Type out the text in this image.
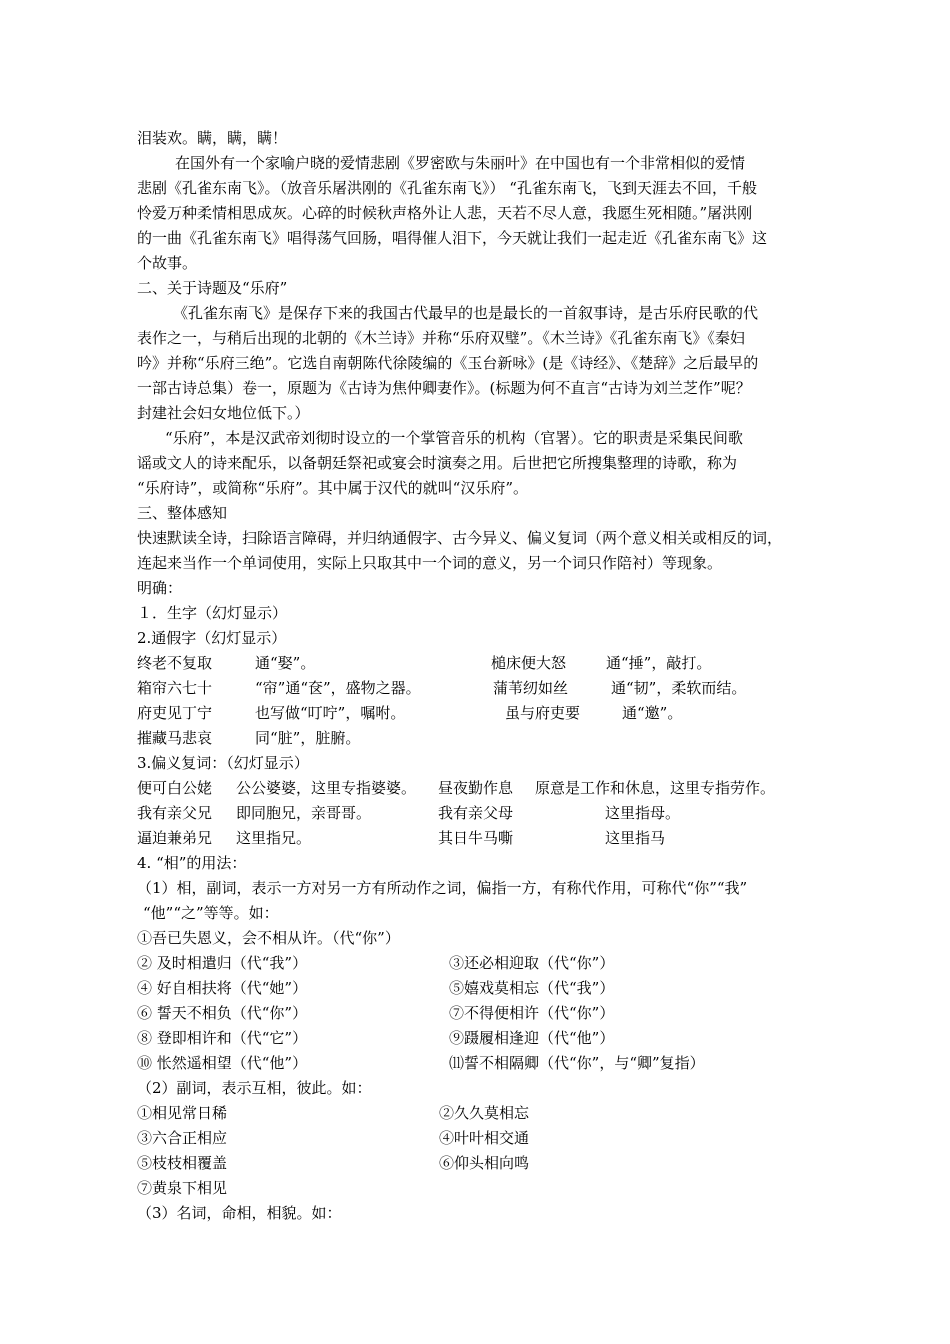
泪装欢。瞒，瞒，瞒！
在国外有一个家喻户晓的爱情悲剧《罗密欧与朱丽叶》在中国也有一个非常相似的爱情
悲剧《孔雀东南飞》。（放音乐屠洪刚的《孔雀东南飞》） “孔雀东南飞，飞到天涯去不回，千般
怜爱万种柔情相思成灰。心碎的时候秋声格外让人悲，天若不尽人意，我愿生死相随。”屠洪刚
的一曲《孔雀东南飞》唱得荡气回肠，唱得催人泪下，今天就让我们一起走近《孔雀东南飞》这
个故事。
二、关于诗题及“乐府”
《孔雀东南飞》是保存下来的我国古代最早的也是最长的一首叙事诗，是古乐府民歌的代
表作之一，与稍后出现的北朝的《木兰诗》并称“乐府双璧”。《木兰诗》《孔雀东南飞》《秦妇
吟》并称“乐府三绝”。它选自南朝陈代徐陵编的《玉台新咏》(是《诗经》、《楚辞》之后最早的
一部古诗总集）卷一，原题为《古诗为焦仲卿妻作》。(标题为何不直言“古诗为刘兰芝作”呢？
封建社会妇女地位低下。）
“乐府”，本是汉武帝刘彻时设立的一个掌管音乐的机构（官署）。它的职责是采集民间歌
谣或文人的诗来配乐，以备朝廷祭祀或宴会时演奏之用。后世把它所搜集整理的诗歌，称为
“乐府诗”，或简称“乐府”。其中属于汉代的就叫“汉乐府”。
三、整体感知
快速默读全诗，扫除语言障碍，并归纳通假字、古今异义、偏义复词（两个意义相关或相反的词，
连起来当作一个单词使用，实际上只取其中一个词的意义，另一个词只作陪衬）等现象。
明确：
１．生字（幻灯显示）
2.通假字（幻灯显示）
终老不复取	通“娶”。	槌床便大怒	通“捶”，敲打。
箱帘六七十	“帘”通“奁”，盛物之器。	蒲苇纫如丝	通“韧”，柔软而结。
府吏见丁宁	也写做“叮咛”，嘱咐。	虽与府吏要	通“邀”。
摧藏马悲哀	同“脏”，脏腑。
3.偏义复词：（幻灯显示）
便可白公姥 公公婆婆，这里专指婆婆。 昼夜勤作息 原意是工作和休息，这里专指劳作。
我有亲父兄 即同胞兄，亲哥哥。	我有亲父母	这里指母。
逼迫兼弟兄 这里指兄。	其日牛马嘶	这里指马
4. “相”的用法：
（1）相，副词，表示一方对另一方有所动作之词，偏指一方，有称代作用，可称代“你”“我”
“他”“之”等等。如：
①吾已失恩义，会不相从许。（代“你”）
② 及时相遣归（代“我”）	③还必相迎取（代“你”）
④ 好自相扶将（代“她”）	⑤嬉戏莫相忘（代“我”）
⑥ 誓天不相负（代“你”）	⑦不得便相许（代“你”）
⑧ 登即相许和（代“它”）	⑨蹑履相逢迎（代“他”）
⑩ 怅然遥相望（代“他”）	⑾誓不相隔卿（代“你”，与“卿”复指）
（2）副词，表示互相，彼此。如：
①相见常日稀	②久久莫相忘
③六合正相应	④叶叶相交通
⑤枝枝相覆盖	⑥仰头相向鸣
⑦黄泉下相见
（3）名词，命相，相貌。如：
